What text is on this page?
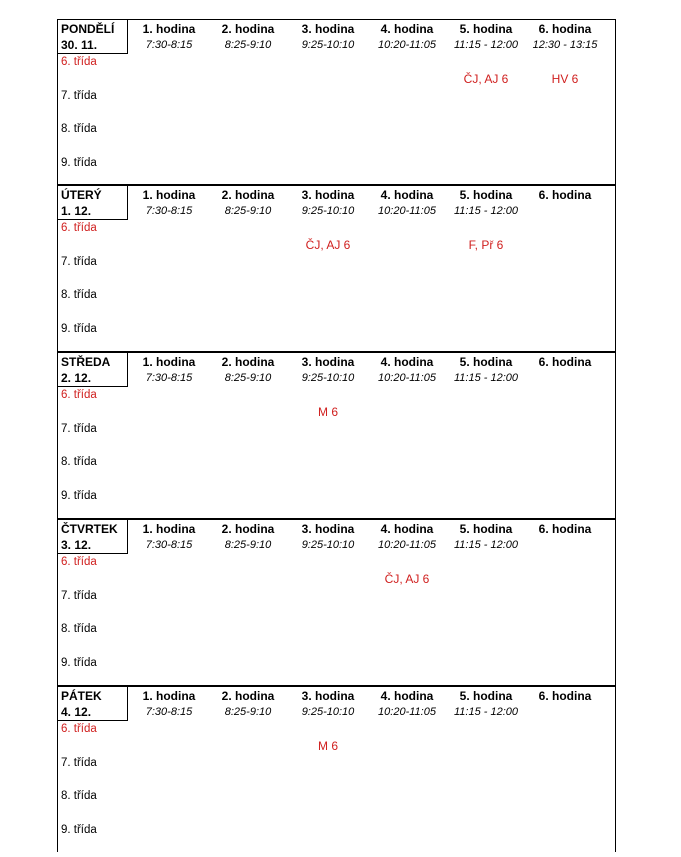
PONDĚLÍ
30. 11.
1. hodina
7:30-8:15
2. hodina
8:25-9:10
3. hodina
9:25-10:10
4. hodina
10:20-11:05
5. hodina
11:15 - 12:00
ČJ, AJ 6
6. hodina
12:30 - 13:15
HV 6
6. třída
7. třída
8. třída
9. třída
ÚTERÝ
1. 12.
1. hodina
7:30-8:15
2. hodina
8:25-9:10
3. hodina
9:25-10:10
ČJ, AJ 6
4. hodina
10:20-11:05
5. hodina
11:15 - 12:00
F, Př 6
6. hodina
6. třída
7. třída
8. třída
9. třída
STŘEDA
2. 12.
1. hodina
7:30-8:15
2. hodina
8:25-9:10
3. hodina
9:25-10:10
M 6
4. hodina
10:20-11:05
5. hodina
11:15 - 12:00
6. hodina
6. třída
7. třída
8. třída
9. třída
ČTVRTEK
3. 12.
1. hodina
7:30-8:15
2. hodina
8:25-9:10
3. hodina
9:25-10:10
4. hodina
10:20-11:05
ČJ, AJ 6
5. hodina
11:15 - 12:00
6. hodina
6. třída
7. třída
8. třída
9. třída
PÁTEK
4. 12.
1. hodina
7:30-8:15
2. hodina
8:25-9:10
3. hodina
9:25-10:10
M 6
4. hodina
10:20-11:05
5. hodina
11:15 - 12:00
6. hodina
6. třída
7. třída
8. třída
9. třída
